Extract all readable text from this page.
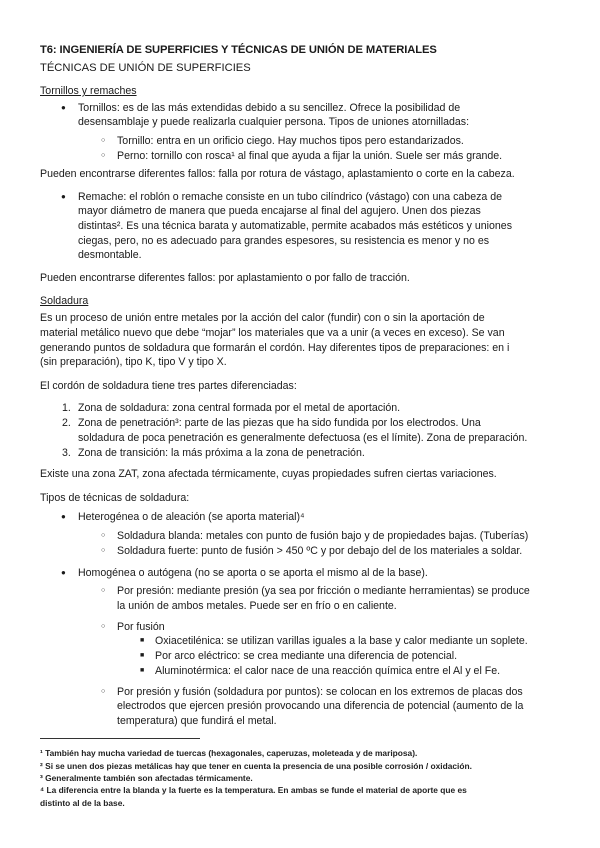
T6: INGENIERÍA DE SUPERFICIES Y TÉCNICAS DE UNIÓN DE MATERIALES
TÉCNICAS DE UNIÓN DE SUPERFICIES
Tornillos y remaches
Tornillos: es de las más extendidas debido a su sencillez. Ofrece la posibilidad de
desensamblaje y puede realizarla cualquier persona. Tipos de uniones atornilladas:
Tornillo: entra en un orificio ciego. Hay muchos tipos pero estandarizados.
Perno: tornillo con rosca¹ al final que ayuda a fijar la unión. Suele ser más grande.
Pueden encontrarse diferentes fallos: falla por rotura de vástago, aplastamiento o corte en la cabeza.
Remache: el roblón o remache consiste en un tubo cilíndrico (vástago) con una cabeza de
mayor diámetro de manera que pueda encajarse al final del agujero. Unen dos piezas
distintas². Es una técnica barata y automatizable, permite acabados más estéticos y uniones
ciegas, pero, no es adecuado para grandes espesores, su resistencia es menor y no es
desmontable.
Pueden encontrarse diferentes fallos: por aplastamiento o por fallo de tracción.
Soldadura
Es un proceso de unión entre metales por la acción del calor (fundir) con o sin la aportación de
material metálico nuevo que debe “mojar” los materiales que va a unir (a veces en exceso). Se van
generando puntos de soldadura que formarán el cordón. Hay diferentes tipos de preparaciones: en i
(sin preparación), tipo K, tipo V y tipo X.
El cordón de soldadura tiene tres partes diferenciadas:
Zona de soldadura: zona central formada por el metal de aportación.
Zona de penetración³: parte de las piezas que ha sido fundida por los electrodos. Una
soldadura de poca penetración es generalmente defectuosa (es el límite). Zona de preparación.
Zona de transición: la más próxima a la zona de penetración.
Existe una zona ZAT, zona afectada térmicamente, cuyas propiedades sufren ciertas variaciones.
Tipos de técnicas de soldadura:
Heterogénea o de aleación (se aporta material)⁴
Soldadura blanda: metales con punto de fusión bajo y de propiedades bajas. (Tuberías)
Soldadura fuerte: punto de fusión > 450 ºC y por debajo del de los materiales a soldar.
Homogénea o autógena (no se aporta o se aporta el mismo al de la base).
Por presión: mediante presión (ya sea por fricción o mediante herramientas) se produce
la unión de ambos metales. Puede ser en frío o en caliente.
Por fusión
Oxiacetilénica: se utilizan varillas iguales a la base y calor mediante un soplete.
Por arco eléctrico: se crea mediante una diferencia de potencial.
Aluminotérmica: el calor nace de una reacción química entre el Al y el Fe.
Por presión y fusión (soldadura por puntos): se colocan en los extremos de placas dos
electrodos que ejercen presión provocando una diferencia de potencial (aumento de la
temperatura) que fundirá el metal.
¹ También hay mucha variedad de tuercas (hexagonales, caperuzas, moleteada y de mariposa).
² Si se unen dos piezas metálicas hay que tener en cuenta la presencia de una posible corrosión / oxidación.
³ Generalmente también son afectadas térmicamente.
⁴ La diferencia entre la blanda y la fuerte es la temperatura. En ambas se funde el material de aporte que es
distinto al de la base.
●
○
○
●
1.
2.
3.
●
○
○
●
○
○
■
■
■
○
